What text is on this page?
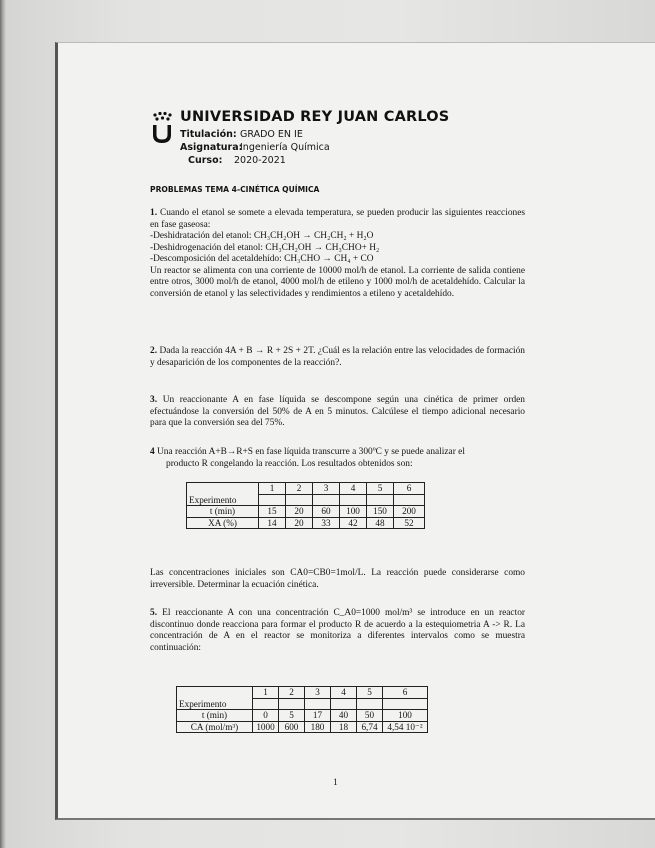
UNIVERSIDAD REY JUAN CARLOS
Titulación: GRADO EN IE
Asignatura:Ingeniería Química
Curso: 2020-2021
PROBLEMAS TEMA 4-CINÉTICA QUÍMICA

1. Cuando el etanol se somete a elevada temperatura, se pueden producir las siguientes reacciones en fase gaseosa:

-Deshidratación del etanol: CH₃CH₂OH → CH₂CH₂ + H₂O

-Deshidrogenación del etanol: CH₃CH₂OH → CH₃CHO+ H₂

-Descomposición del acetaldehído: CH₃CHO → CH₄ + CO

Un reactor se alimenta con una corriente de 10000 mol/h de etanol. La corriente de salida contiene entre otros, 3000 mol/h de etanol, 4000 mol/h de etileno y 1000 mol/h de acetaldehído. Calcular la conversión de etanol y las selectividades y rendimientos a etileno y acetaldehído.

2. Dada la reacción 4A + B → R + 2S + 2T. ¿Cuál es la relación entre las velocidades de formación y desaparición de los componentes de la reacción?.

3. Un reaccionante A en fase líquida se descompone según una cinética de primer orden efectuándose la conversión del 50% de A en 5 minutos. Calcúlese el tiempo adicional necesario para que la conversión sea del 75%.

4 Una reacción A+B→R+S en fase líquida transcurre a 300ºC y se puede analizar el

producto R congelando la reacción. Los resultados obtenidos son:

Experimento	1	2	3	4	5	6

t (min)	15	20	60	100	150	200
XA (%)	14	20	33	42	48	52

Las concentraciones iniciales son CA0=CB0=1mol/L. La reacción puede considerarse como irreversible. Determinar la ecuación cinética.

5. El reaccionante A con una concentración C_A0=1000 mol/m³ se introduce en un reactor discontinuo donde reacciona para formar el producto R de acuerdo a la estequiometria A -> R. La concentración de A en el reactor se monitoriza a diferentes intervalos como se muestra continuación:

Experimento	1	2	3	4	5	6

t (min)	0	5	17	40	50	100
CA (mol/m³)	1000	600	180	18	6,74	4,54 10⁻²
1
